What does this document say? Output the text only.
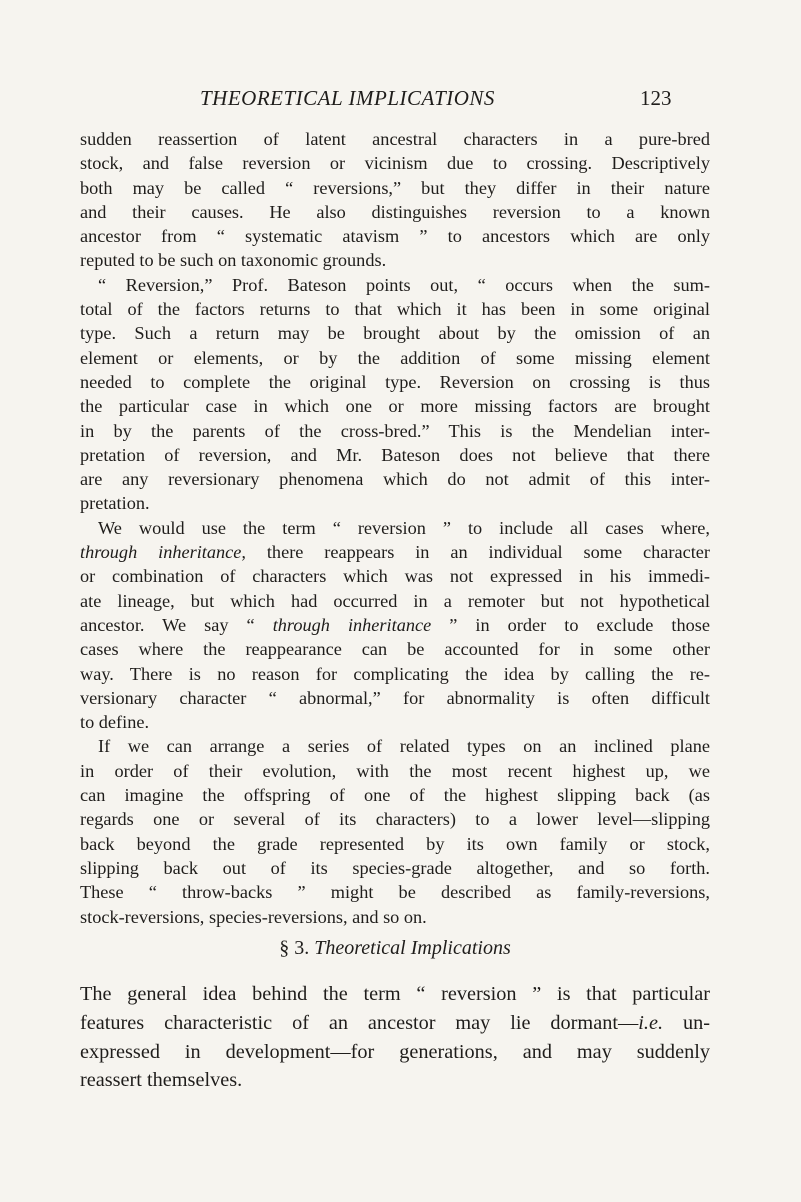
THEORETICAL IMPLICATIONS	123

sudden reassertion of latent ancestral characters in a pure-bred
stock, and false reversion or vicinism due to crossing. Descriptively
both may be called “ reversions,” but they differ in their nature
and their causes. He also distinguishes reversion to a known
ancestor from “ systematic atavism ” to ancestors which are only
reputed to be such on taxonomic grounds.

“ Reversion,” Prof. Bateson points out, “ occurs when the sum-
total of the factors returns to that which it has been in some original
type. Such a return may be brought about by the omission of an
element or elements, or by the addition of some missing element
needed to complete the original type. Reversion on crossing is thus
the particular case in which one or more missing factors are brought
in by the parents of the cross-bred.” This is the Mendelian inter-
pretation of reversion, and Mr. Bateson does not believe that there
are any reversionary phenomena which do not admit of this inter-
pretation.

We would use the term “ reversion ” to include all cases where,
through inheritance, there reappears in an individual some character
or combination of characters which was not expressed in his immedi-
ate lineage, but which had occurred in a remoter but not hypothetical
ancestor. We say “ through inheritance ” in order to exclude those
cases where the reappearance can be accounted for in some other
way. There is no reason for complicating the idea by calling the re-
versionary character “ abnormal,” for abnormality is often difficult
to define.

If we can arrange a series of related types on an inclined plane
in order of their evolution, with the most recent highest up, we
can imagine the offspring of one of the highest slipping back (as
regards one or several of its characters) to a lower level—slipping
back beyond the grade represented by its own family or stock,
slipping back out of its species-grade altogether, and so forth.
These “ throw-backs ” might be described as family-reversions,
stock-reversions, species-reversions, and so on.

§ 3. Theoretical Implications

The general idea behind the term “ reversion ” is that particular
features characteristic of an ancestor may lie dormant—i.e. un-
expressed in development—for generations, and may suddenly
reassert themselves.
